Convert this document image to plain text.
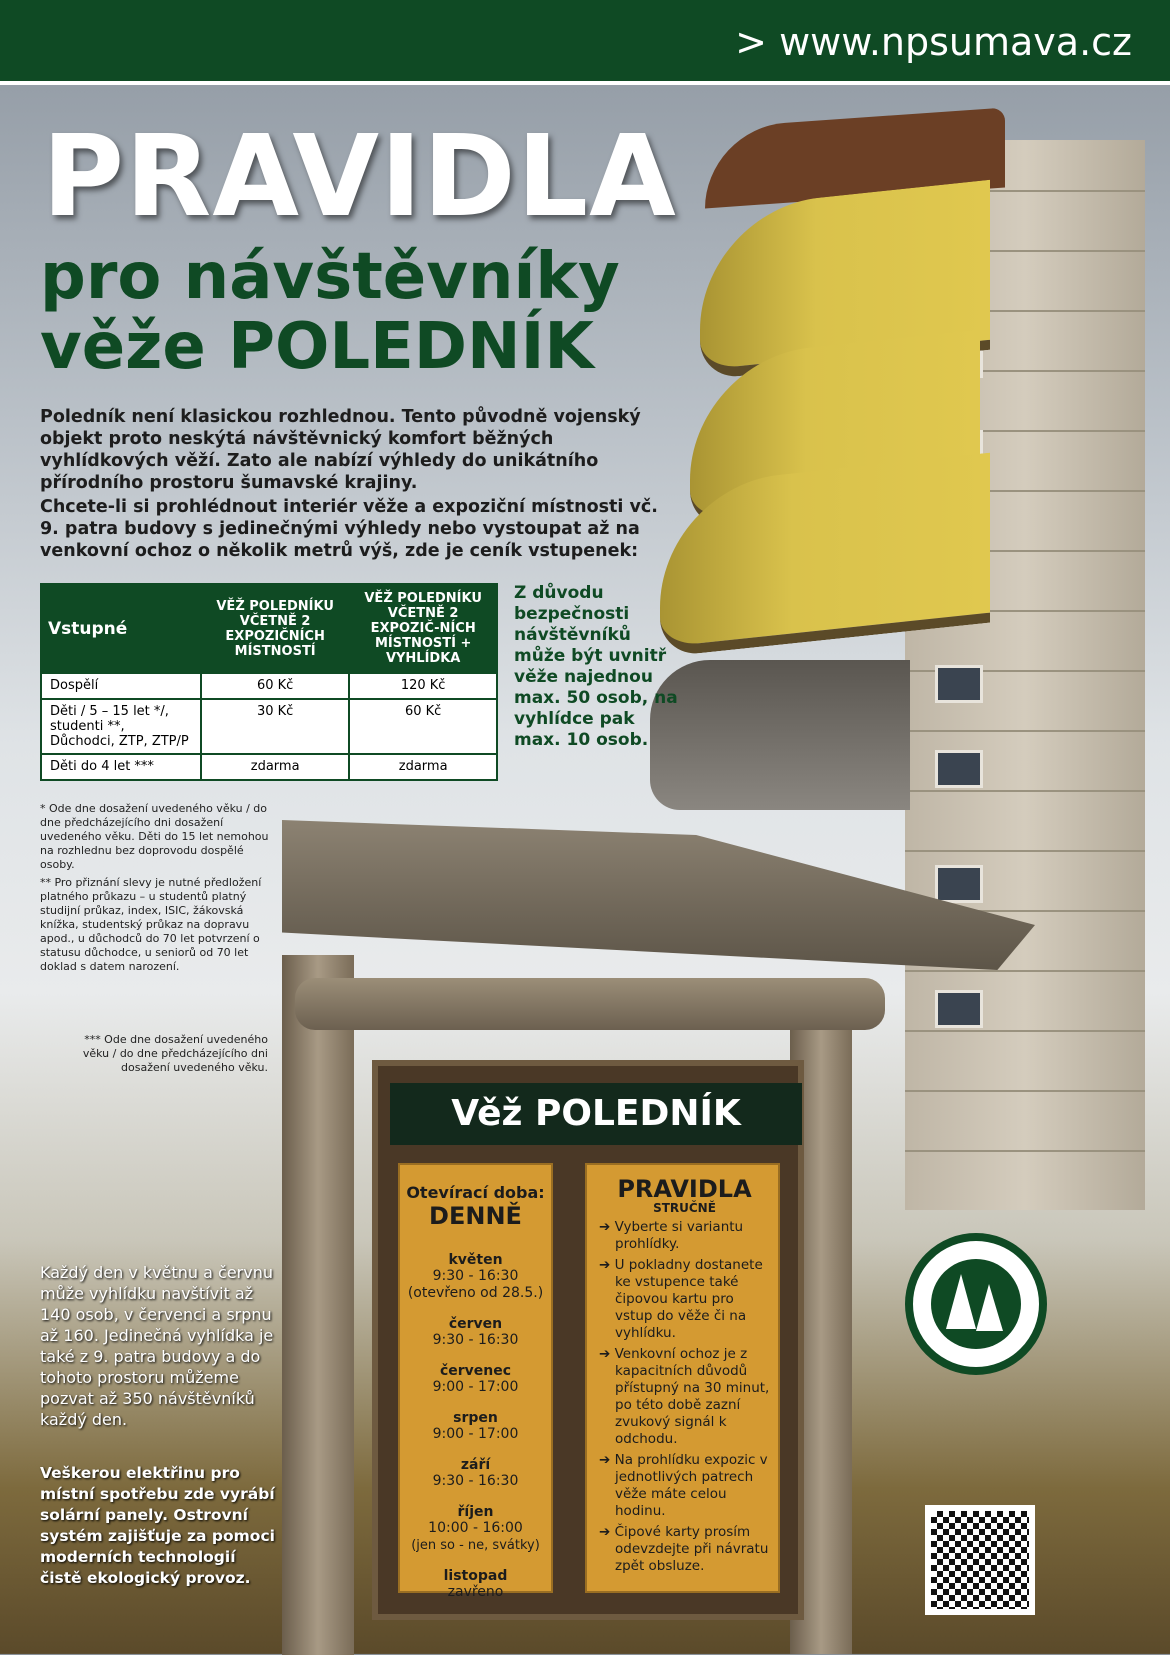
> www.npsumava.cz
PRAVIDLA
pro návštěvníky
věže POLEDNÍK
Poledník není klasickou rozhlednou. Tento původně vojenský objekt proto neskýtá návštěvnický komfort běžných vyhlídkových věží. Zato ale nabízí výhledy do unikátního přírodního prostoru šumavské krajiny.
Chcete-li si prohlédnout interiér věže a expoziční místnosti vč. 9. patra budovy s jedinečnými výhledy nebo vystoupat až na venkovní ochoz o několik metrů výš, zde je ceník vstupenek:
Vstupné	VĚŽ POLEDNÍKU VČETNĚ 2 EXPOZIČNÍCH MÍSTNOSTÍ	VĚŽ POLEDNÍKU VČETNĚ 2 EXPOZIČ-NÍCH MÍSTNOSTÍ + VYHLÍDKA
Dospělí	60 Kč	120 Kč
Děti / 5 – 15 let */, studenti **, Důchodci, ZTP, ZTP/P	30 Kč	60 Kč
Děti do 4 let ***	zdarma	zdarma
Z důvodu bezpečnosti návštěvníků může být uvnitř věže najednou max. 50 osob, na vyhlídce pak max. 10 osob.
Věž POLEDNÍK

* Ode dne dosažení uvedeného věku / do dne předcházejícího dni dosažení uvedeného věku. Děti do 15 let nemohou na rozhlednu bez doprovodu dospělé osoby.

** Pro přiznání slevy je nutné předložení platného průkazu – u studentů platný studijní průkaz, index, ISIC, žákovská knížka, studentský průkaz na dopravu apod., u důchodců do 70 let potvrzení o statusu důchodce, u seniorů od 70 let doklad s datem narození.

*** Ode dne dosažení uvedeného věku / do dne předcházejícího dni dosažení uvedeného věku.
Otevírací doba:
DENNĚ
květen
9:30 - 16:30
(otevřeno od 28.5.)
červen
9:30 - 16:30
červenec
9:00 - 17:00
srpen
9:00 - 17:00
září
9:30 - 16:30
říjen
10:00 - 16:00
(jen so - ne, svátky)
listopad
zavřeno
PRAVIDLA
STRUČNĚ
➔ Vyberte si variantu prohlídky.
➔ U pokladny dostanete ke vstupence také čipovou kartu pro vstup do věže či na vyhlídku.
➔ Venkovní ochoz je z kapacitních důvodů přístupný na 30 minut, po této době zazní zvukový signál k odchodu.
➔ Na prohlídku expozic v jednotlivých patrech věže máte celou hodinu.
➔ Čipové karty prosím odevzdejte při návratu zpět obsluze.
Každý den v květnu a červnu může vyhlídku navštívit až 140 osob, v červenci a srpnu až 160. Jedinečná vyhlídka je také z 9. patra budovy a do tohoto prostoru můžeme pozvat až 350 návštěvníků každý den.
Veškerou elektřinu pro místní spotřebu zde vyrábí solární panely. Ostrovní systém zajišťuje za pomoci moderních technologií čistě ekologický provoz.
